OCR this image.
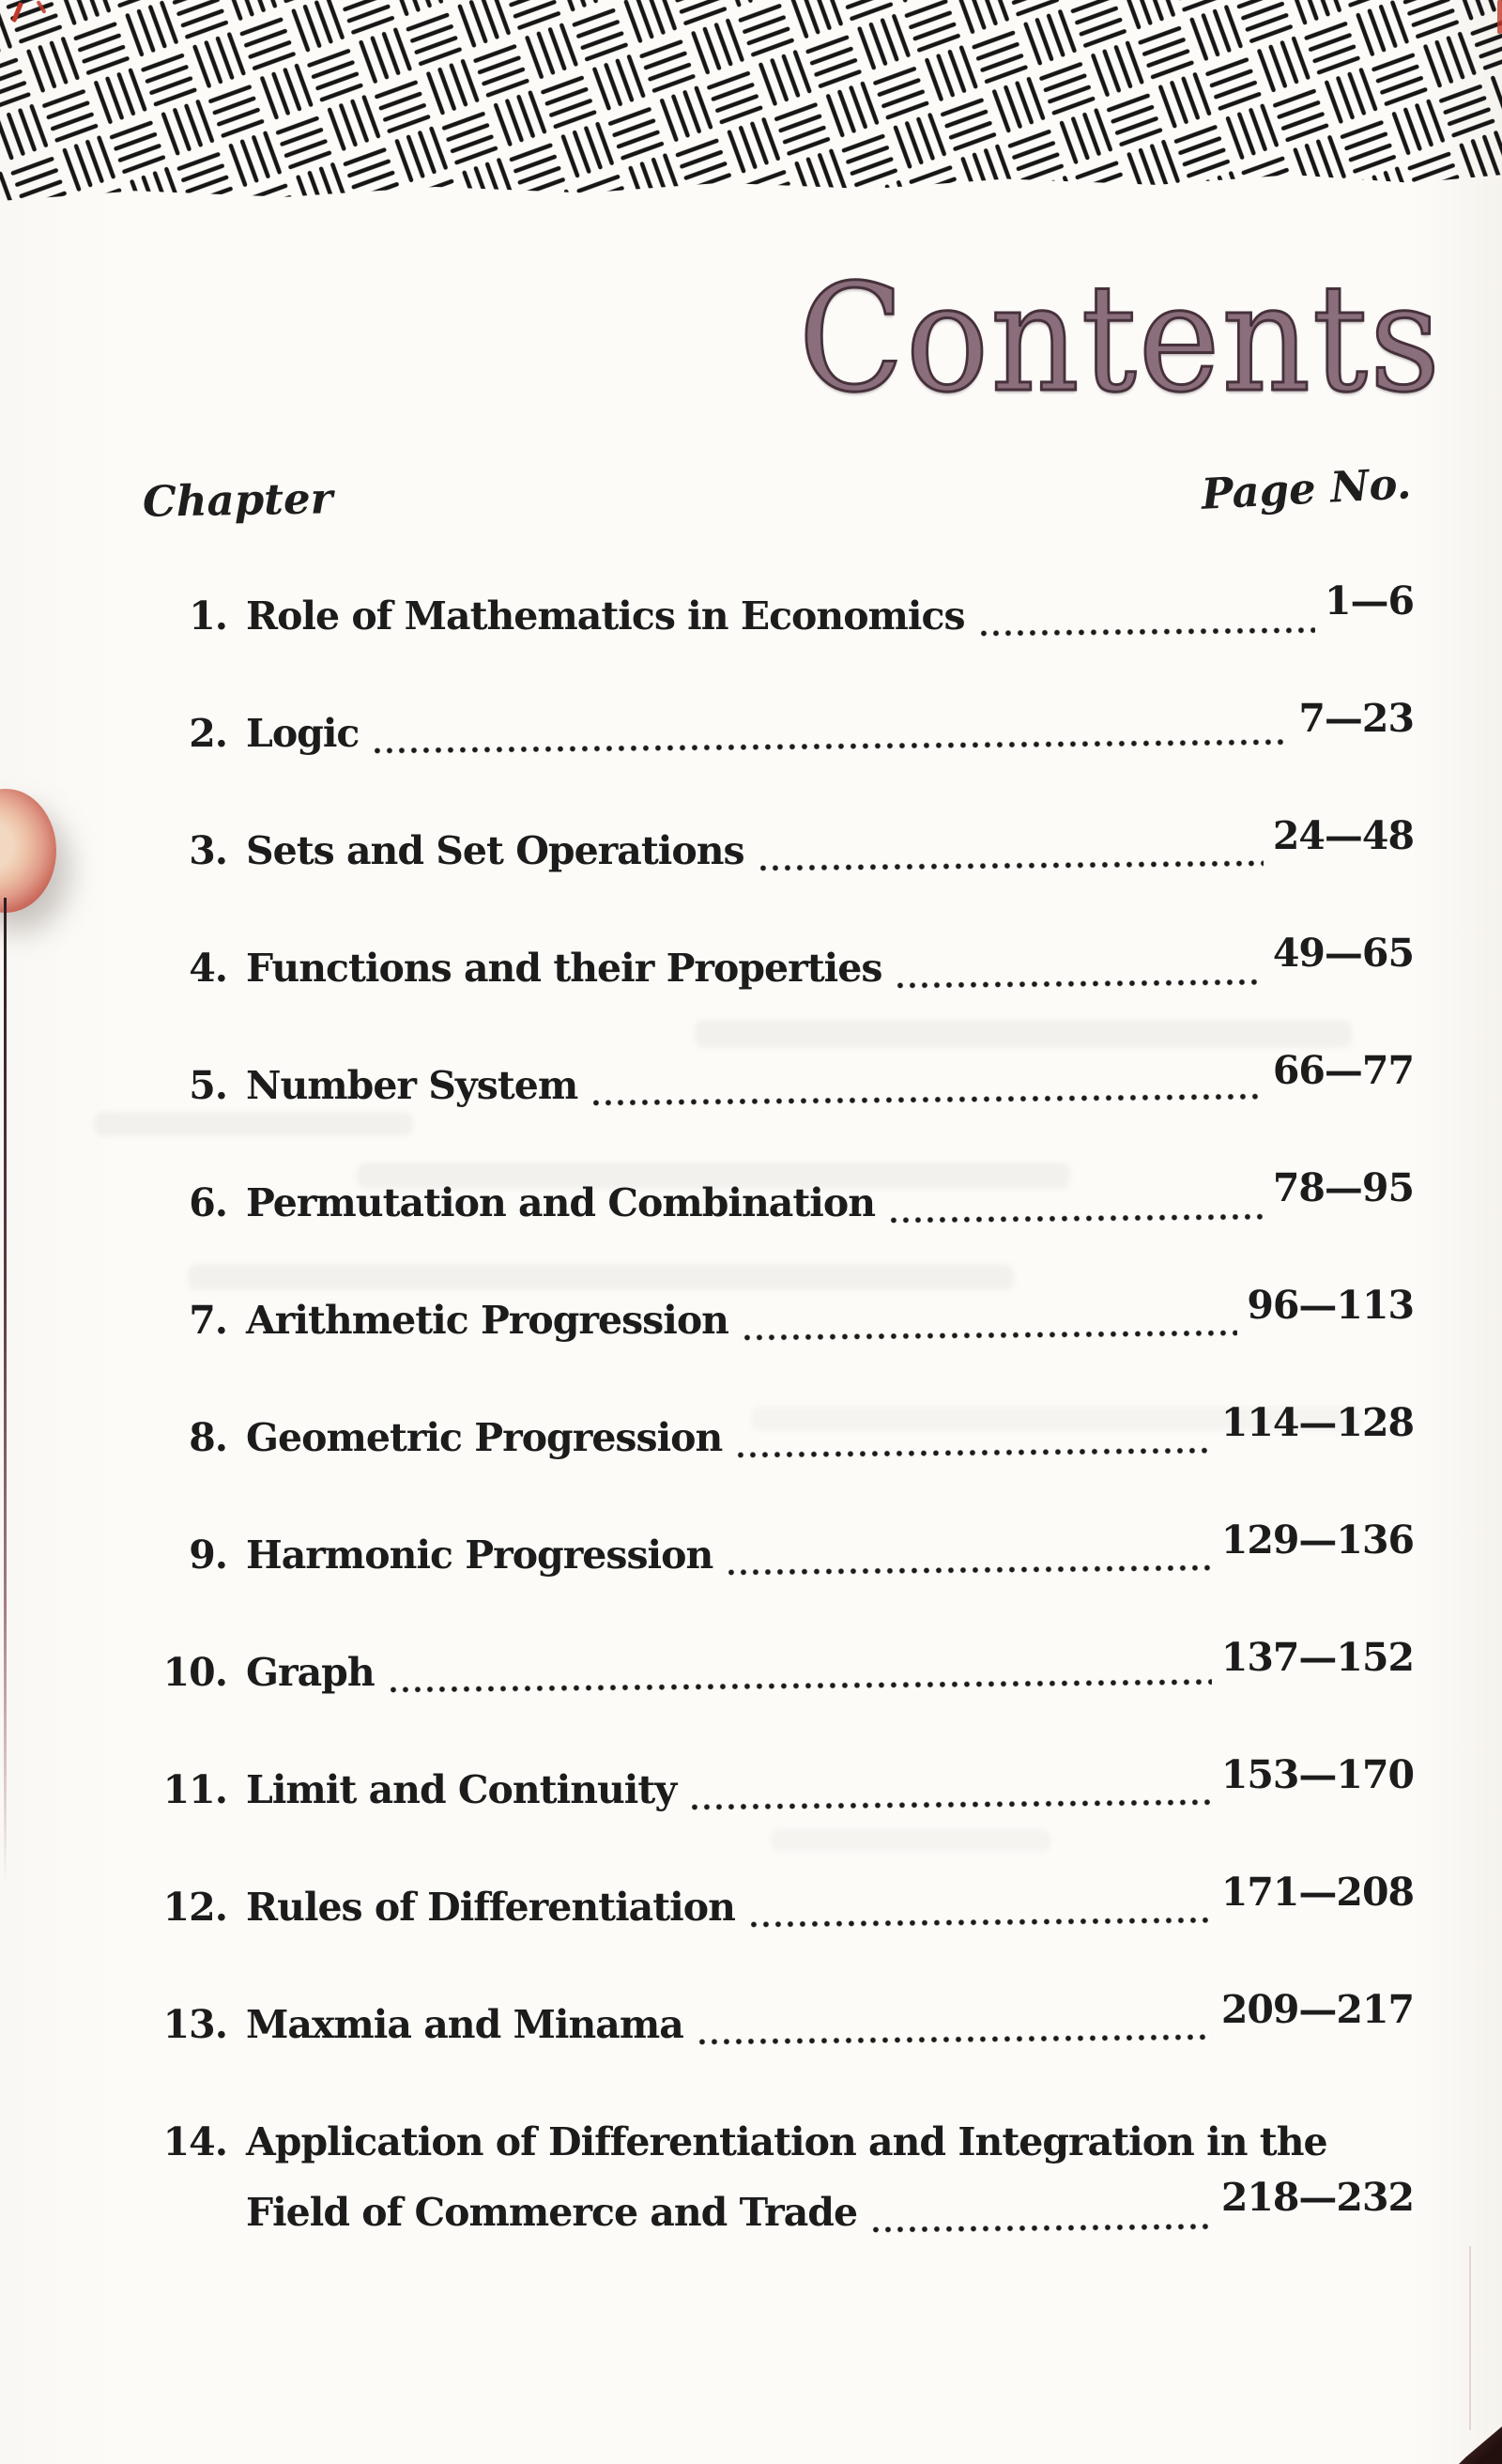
Contents
Chapter	Page No.
1. Role of Mathematics in Economics	1—6
2. Logic	7—23
3. Sets and Set Operations	24—48
4. Functions and their Properties	49—65
5. Number System	66—77
6. Permutation and Combination	78—95
7. Arithmetic Progression	96—113
8. Geometric Progression	114—128
9. Harmonic Progression	129—136
10. Graph	137—152
11. Limit and Continuity	153—170
12. Rules of Differentiation	171—208
13. Maxmia and Minama	209—217
14. Application of Differentiation and Integration in the
Field of Commerce and Trade	218—232
